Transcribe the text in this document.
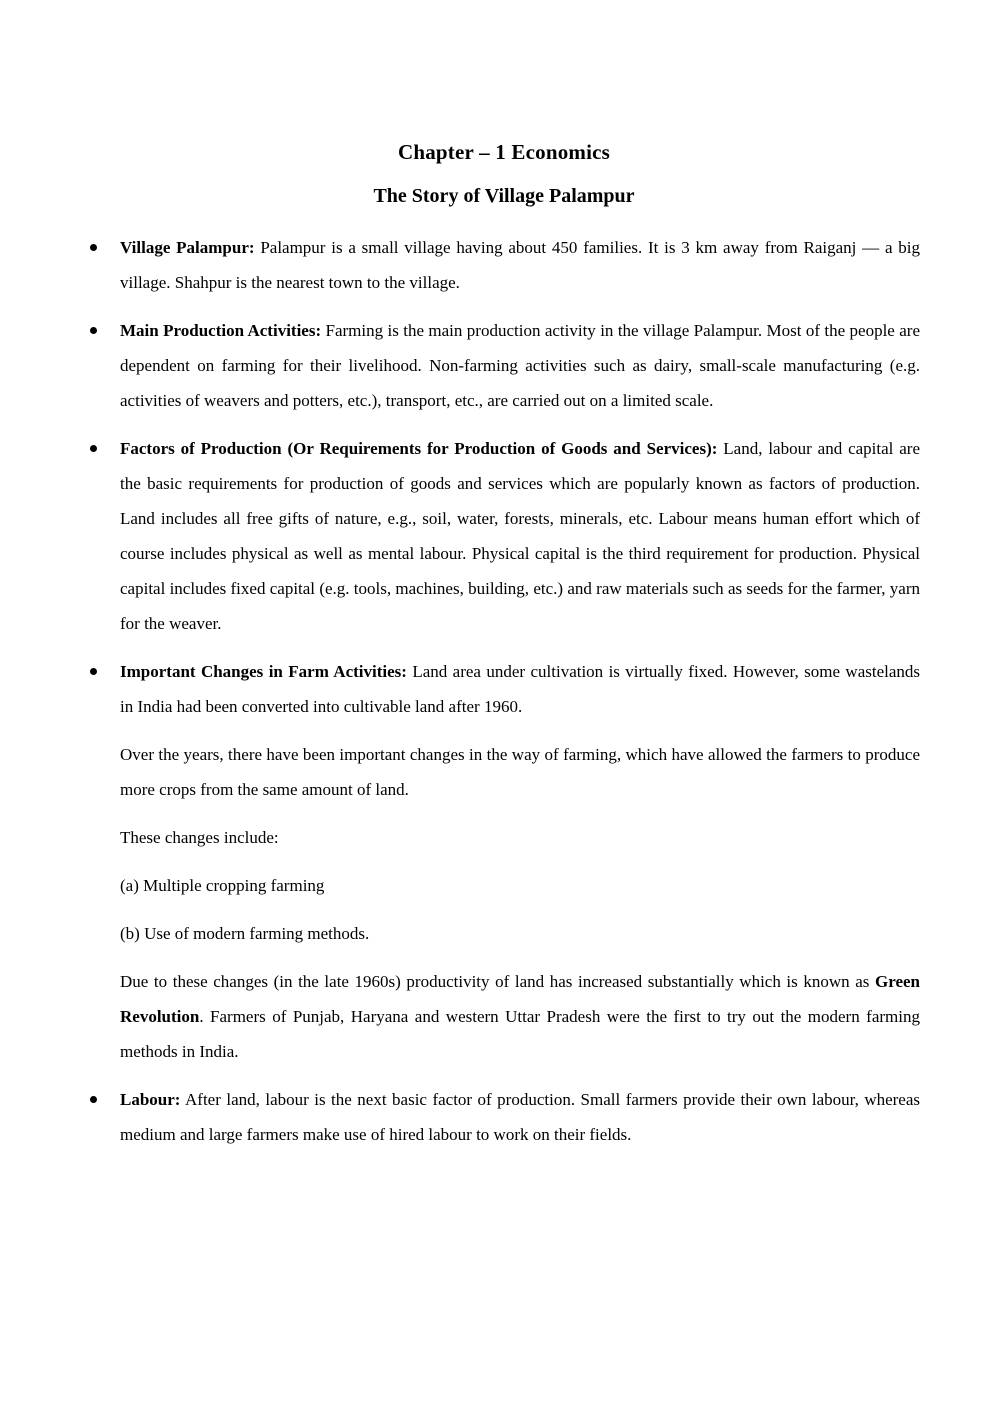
Chapter – 1 Economics
The Story of Village Palampur
Village Palampur: Palampur is a small village having about 450 families. It is 3 km away from Raiganj — a big village. Shahpur is the nearest town to the village.
Main Production Activities: Farming is the main production activity in the village Palampur. Most of the people are dependent on farming for their livelihood. Non-farming activities such as dairy, small-scale manufacturing (e.g. activities of weavers and potters, etc.), transport, etc., are carried out on a limited scale.
Factors of Production (Or Requirements for Production of Goods and Services): Land, labour and capital are the basic requirements for production of goods and services which are popularly known as factors of production. Land includes all free gifts of nature, e.g., soil, water, forests, minerals, etc. Labour means human effort which of course includes physical as well as mental labour. Physical capital is the third requirement for production. Physical capital includes fixed capital (e.g. tools, machines, building, etc.) and raw materials such as seeds for the farmer, yarn for the weaver.
Important Changes in Farm Activities: Land area under cultivation is virtually fixed. However, some wastelands in India had been converted into cultivable land after 1960.

Over the years, there have been important changes in the way of farming, which have allowed the farmers to produce more crops from the same amount of land.

These changes include:

(a) Multiple cropping farming

(b) Use of modern farming methods.

Due to these changes (in the late 1960s) productivity of land has increased substantially which is known as Green Revolution. Farmers of Punjab, Haryana and western Uttar Pradesh were the first to try out the modern farming methods in India.

Labour: After land, labour is the next basic factor of production. Small farmers provide their own labour, whereas medium and large farmers make use of hired labour to work on their fields.
